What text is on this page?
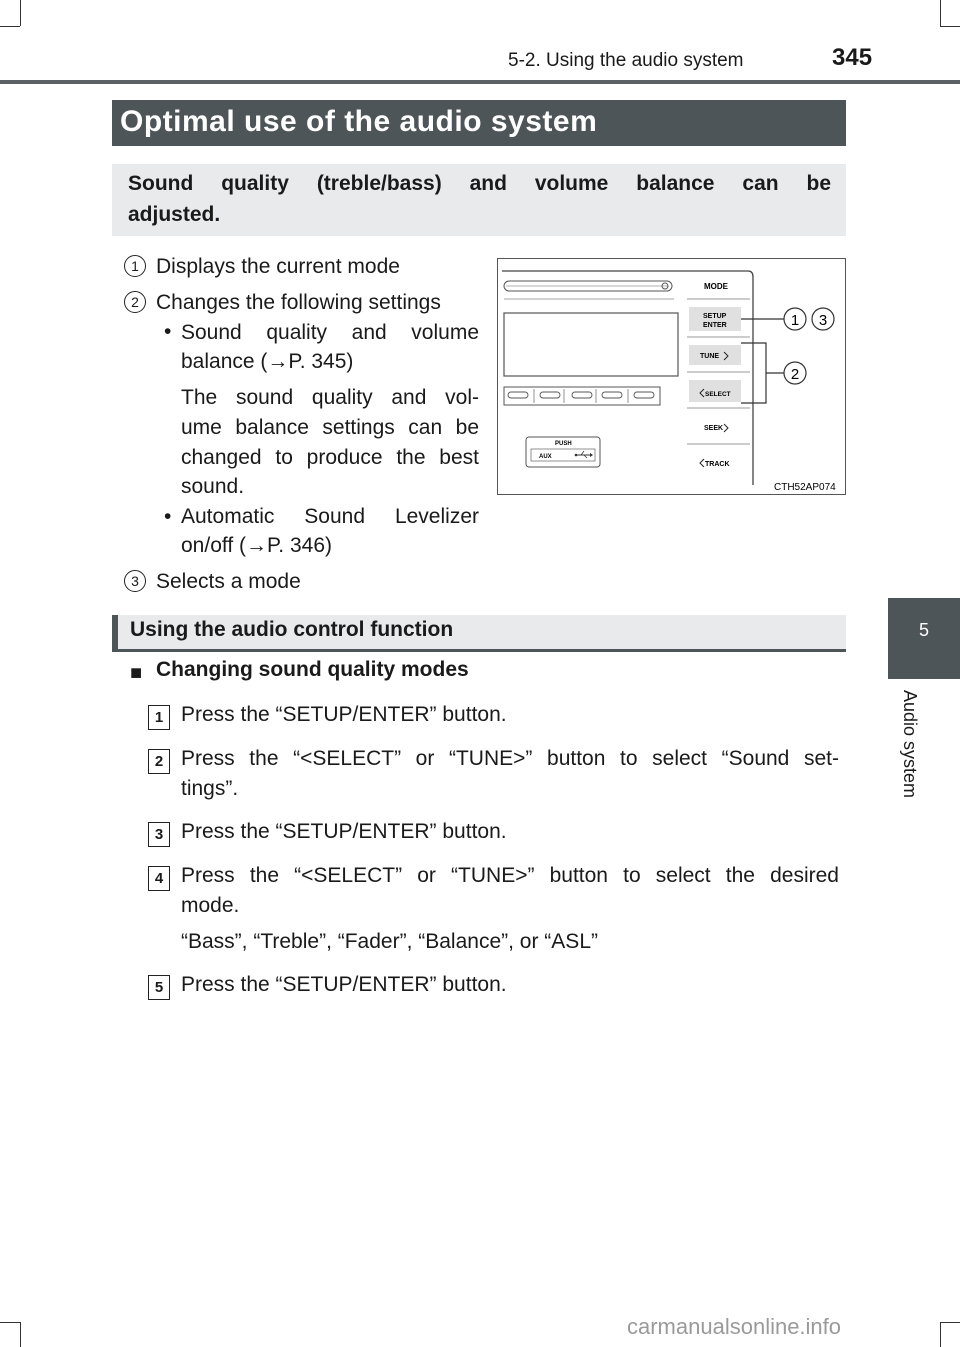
5-2. Using the audio system	345
5
Audio system
Optimal use of the audio system

Sound quality (treble/bass) and volume balance can be adjusted.

1 Displays the current mode
2 Changes the following settings
• Sound quality and volume
balance (→P. 345)
The sound quality and vol-
ume balance settings can be
changed to produce the best
sound.
• Automatic Sound Levelizer
on/off (→P. 346)
3 Selects a mode
PUSH
AUX
MODE
SETUP
ENTER
TUNE
SELECT
SEEK
TRACK
1 3
2
CTH52AP074
Using the audio control function
■ Changing sound quality modes
1 Press the “SETUP/ENTER” button.
2 Press the “<SELECT” or “TUNE>” button to select “Sound set-
tings”.
3 Press the “SETUP/ENTER” button.
4 Press the “<SELECT” or “TUNE>” button to select the desired
mode.
“Bass”, “Treble”, “Fader”, “Balance”, or “ASL”
5 Press the “SETUP/ENTER” button.
carmanualsonline.info
